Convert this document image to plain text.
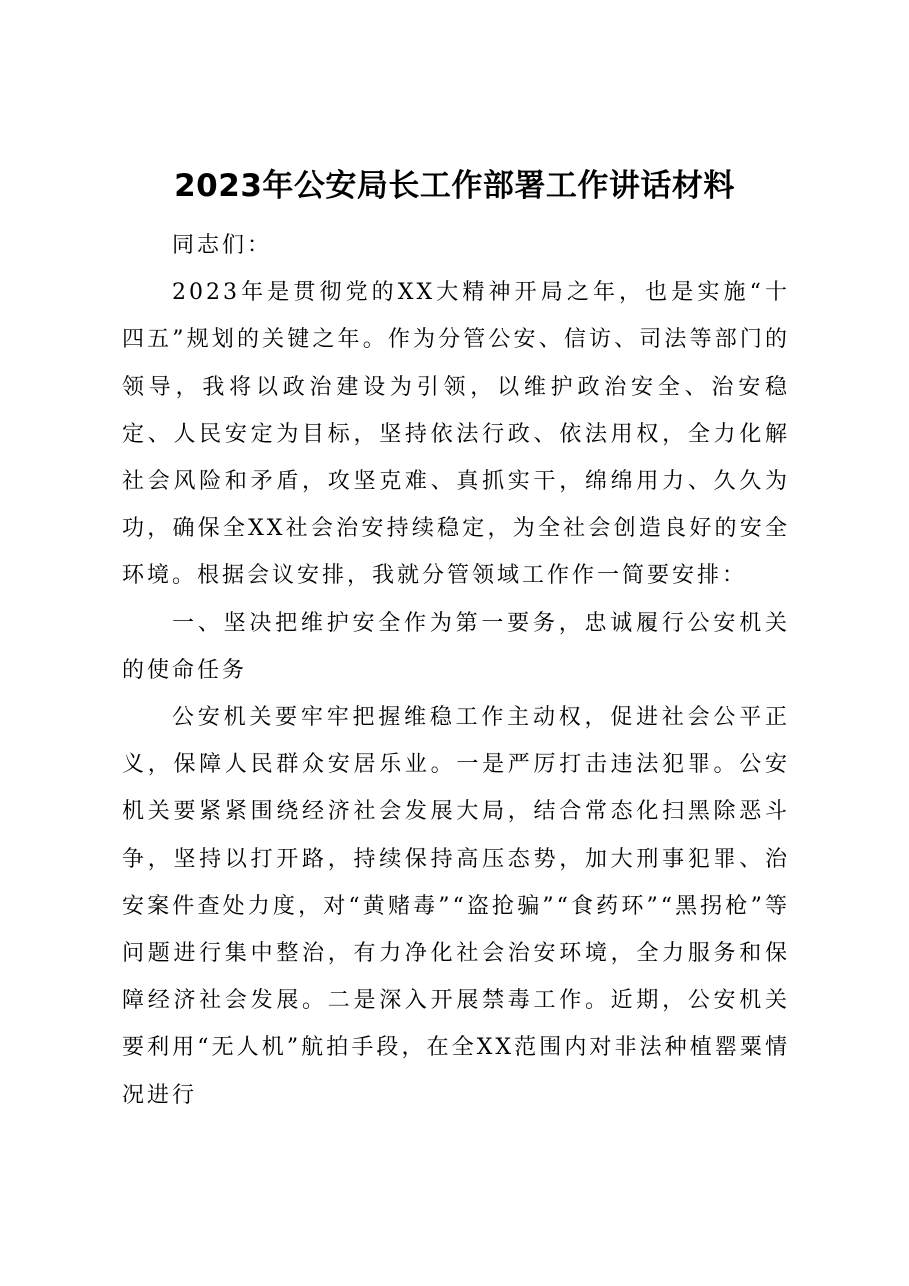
2023年公安局长工作部署工作讲话材料

同志们：

2023年是贯彻党的XX大精神开局之年，也是实施“十四五”规划的关键之年。作为分管公安、信访、司法等部门的领导，我将以政治建设为引领，以维护政治安全、治安稳定、人民安定为目标，坚持依法行政、依法用权，全力化解社会风险和矛盾，攻坚克难、真抓实干，绵绵用力、久久为功，确保全XX社会治安持续稳定，为全社会创造良好的安全环境。根据会议安排，我就分管领域工作作一简要安排：

一、坚决把维护安全作为第一要务，忠诚履行公安机关的使命任务

公安机关要牢牢把握维稳工作主动权，促进社会公平正义，保障人民群众安居乐业。一是严厉打击违法犯罪。公安机关要紧紧围绕经济社会发展大局，结合常态化扫黑除恶斗争，坚持以打开路，持续保持高压态势，加大刑事犯罪、治安案件查处力度，对“黄赌毒”“盗抢骗”“食药环”“黑拐枪”等问题进行集中整治，有力净化社会治安环境，全力服务和保障经济社会发展。二是深入开展禁毒工作。近期，公安机关要利用“无人机”航拍手段，在全XX范围内对非法种植罂粟情况进行
